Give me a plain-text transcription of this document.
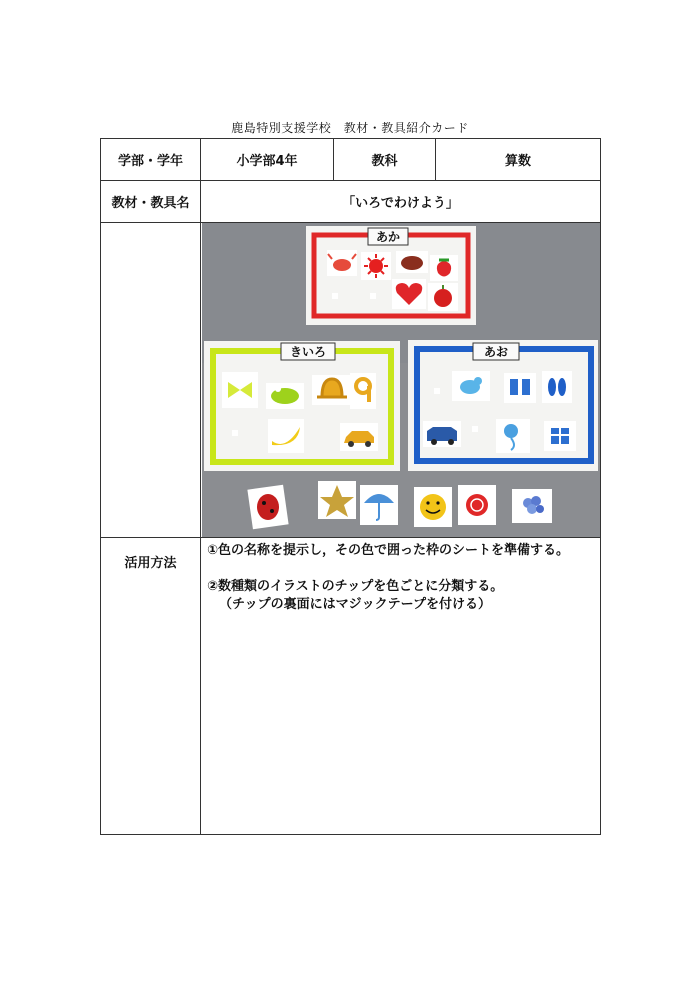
鹿島特別支援学校　教材・教具紹介カード
学部・学年	小学部4年	教科	算数
教材・教具名	「いろでわけよう」		

あか
きいろ あお		

活用方法	①色の名称を提示し，その色で囲った枠のシートを準備する。
②数種類のイラストのチップを色ごとに分類する。
（チップの裏面にはマジックテープを付ける）		
